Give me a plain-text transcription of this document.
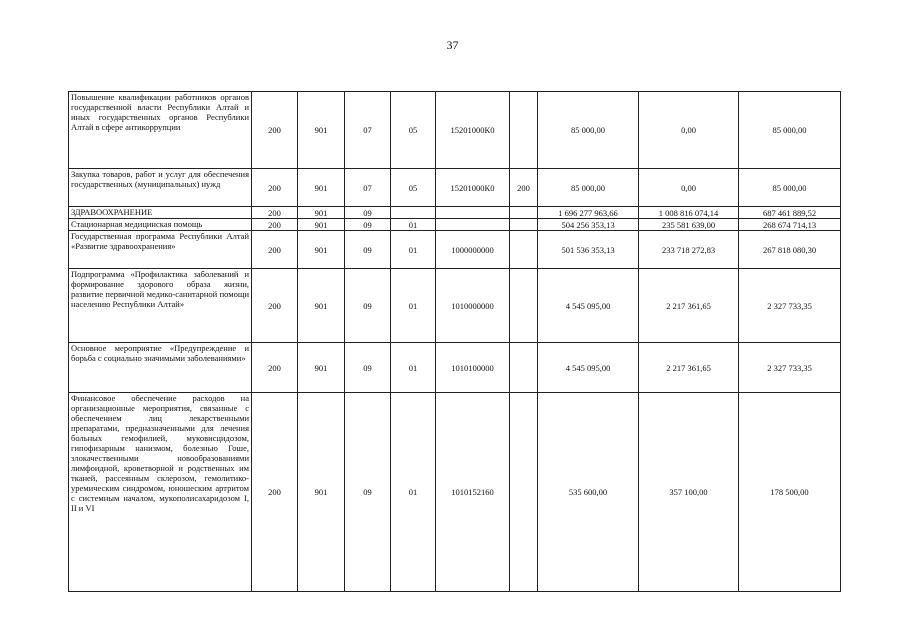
37
Повышение квалификации работников органов государственной власти Республики Алтай и иных государственных органов Республики Алтай в сфере антикоррупции	200	901	07	05	15201000К0		85 000,00	0,00	85 000,00
Закупка товаров, работ и услуг для обеспечения государственных (муниципальных) нужд	200	901	07	05	15201000К0	200	85 000,00	0,00	85 000,00
ЗДРАВООХРАНЕНИЕ	200	901	09				1 696 277 963,66	1 008 816 074,14	687 461 889,52
Стационарная медицинская помощь	200	901	09	01			504 256 353,13	235 581 639,00	268 674 714,13
Государственная программа Республики Алтай «Развитие здравоохранения»	200	901	09	01	1000000000		501 536 353,13	233 718 272,83	267 818 080,30
Подпрограмма «Профилактика заболеваний и формирование здорового образа жизни, развитие первичной медико-санитарной помощи населению Республики Алтай»	200	901	09	01	1010000000		4 545 095,00	2 217 361,65	2 327 733,35
Основное мероприятие «Предупреждение и борьба с социально значимыми заболеваниями»	200	901	09	01	1010100000		4 545 095,00	2 217 361,65	2 327 733,35
Финансовое обеспечение расходов на организационные мероприятия, связанные с обеспечением лиц лекарственными препаратами, предназначенными для лечения больных гемофилией, муковисцидозом, гипофизарным нанизмом, болезнью Гоше, злокачественными новообразованиями лимфоидной, кроветворной и родственных им тканей, рассеянным склерозом, гемолитико-уремическим синдромом, юношеским артритом с системным началом, мукополисахаридозом I, II и VI	200	901	09	01	1010152160		535 600,00	357 100,00	178 500,00
